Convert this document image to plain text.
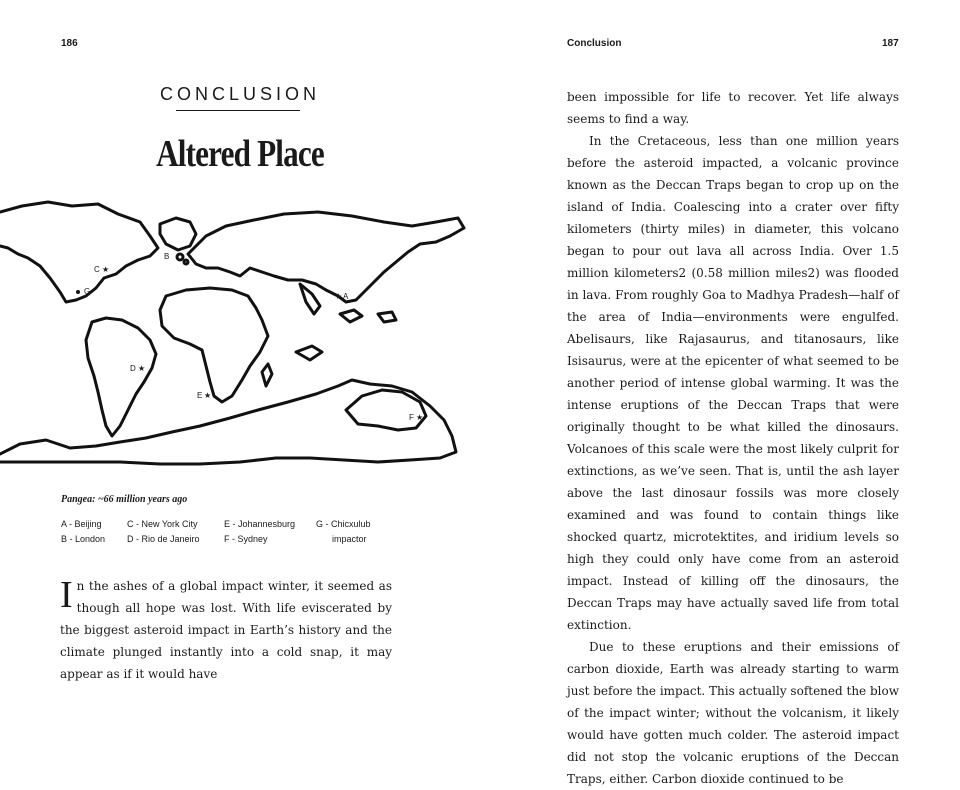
186
CONCLUSION
Altered Place
C ★
B
A
★
G
D ★
E ★
F ★
Pangea: ~66 million years ago
A - Beijing
B - London
C - New York City
D - Rio de Janeiro
E - Johannesburg
F - Sydney
G - Chicxulub
impactor
In the ashes of a global impact winter, it seemed as though all hope was lost. With life eviscerated by the biggest asteroid impact in Earth’s history and the climate plunged instantly into a cold snap, it may appear as if it would have
Conclusion	187

been impossible for life to recover. Yet life always seems to find a way.

In the Cretaceous, less than one million years before the asteroid impacted, a volcanic province known as the Deccan Traps began to crop up on the island of India. Coalescing into a crater over fifty kilometers (thirty miles) in diameter, this volcano began to pour out lava all across India. Over 1.5 million kilometers2 (0.58 million miles2) was flooded in lava. From roughly Goa to Madhya Pradesh—half of the area of India—environments were engulfed. Abelisaurs, like Rajasaurus, and titanosaurs, like Isisaurus, were at the epicenter of what seemed to be another period of intense global warming. It was the intense eruptions of the Deccan Traps that were originally thought to be what killed the dinosaurs. Volcanoes of this scale were the most likely culprit for extinctions, as we’ve seen. That is, until the ash layer above the last dinosaur fossils was more closely examined and was found to contain things like shocked quartz, microtektites, and iridium levels so high they could only have come from an asteroid impact. Instead of killing off the dinosaurs, the Deccan Traps may have actually saved life from total extinction.

Due to these eruptions and their emissions of carbon dioxide, Earth was already starting to warm just before the impact. This actually softened the blow of the impact winter; without the volcanism, it likely would have gotten much colder. The asteroid impact did not stop the volcanic eruptions of the Deccan Traps, either. Carbon dioxide continued to be
